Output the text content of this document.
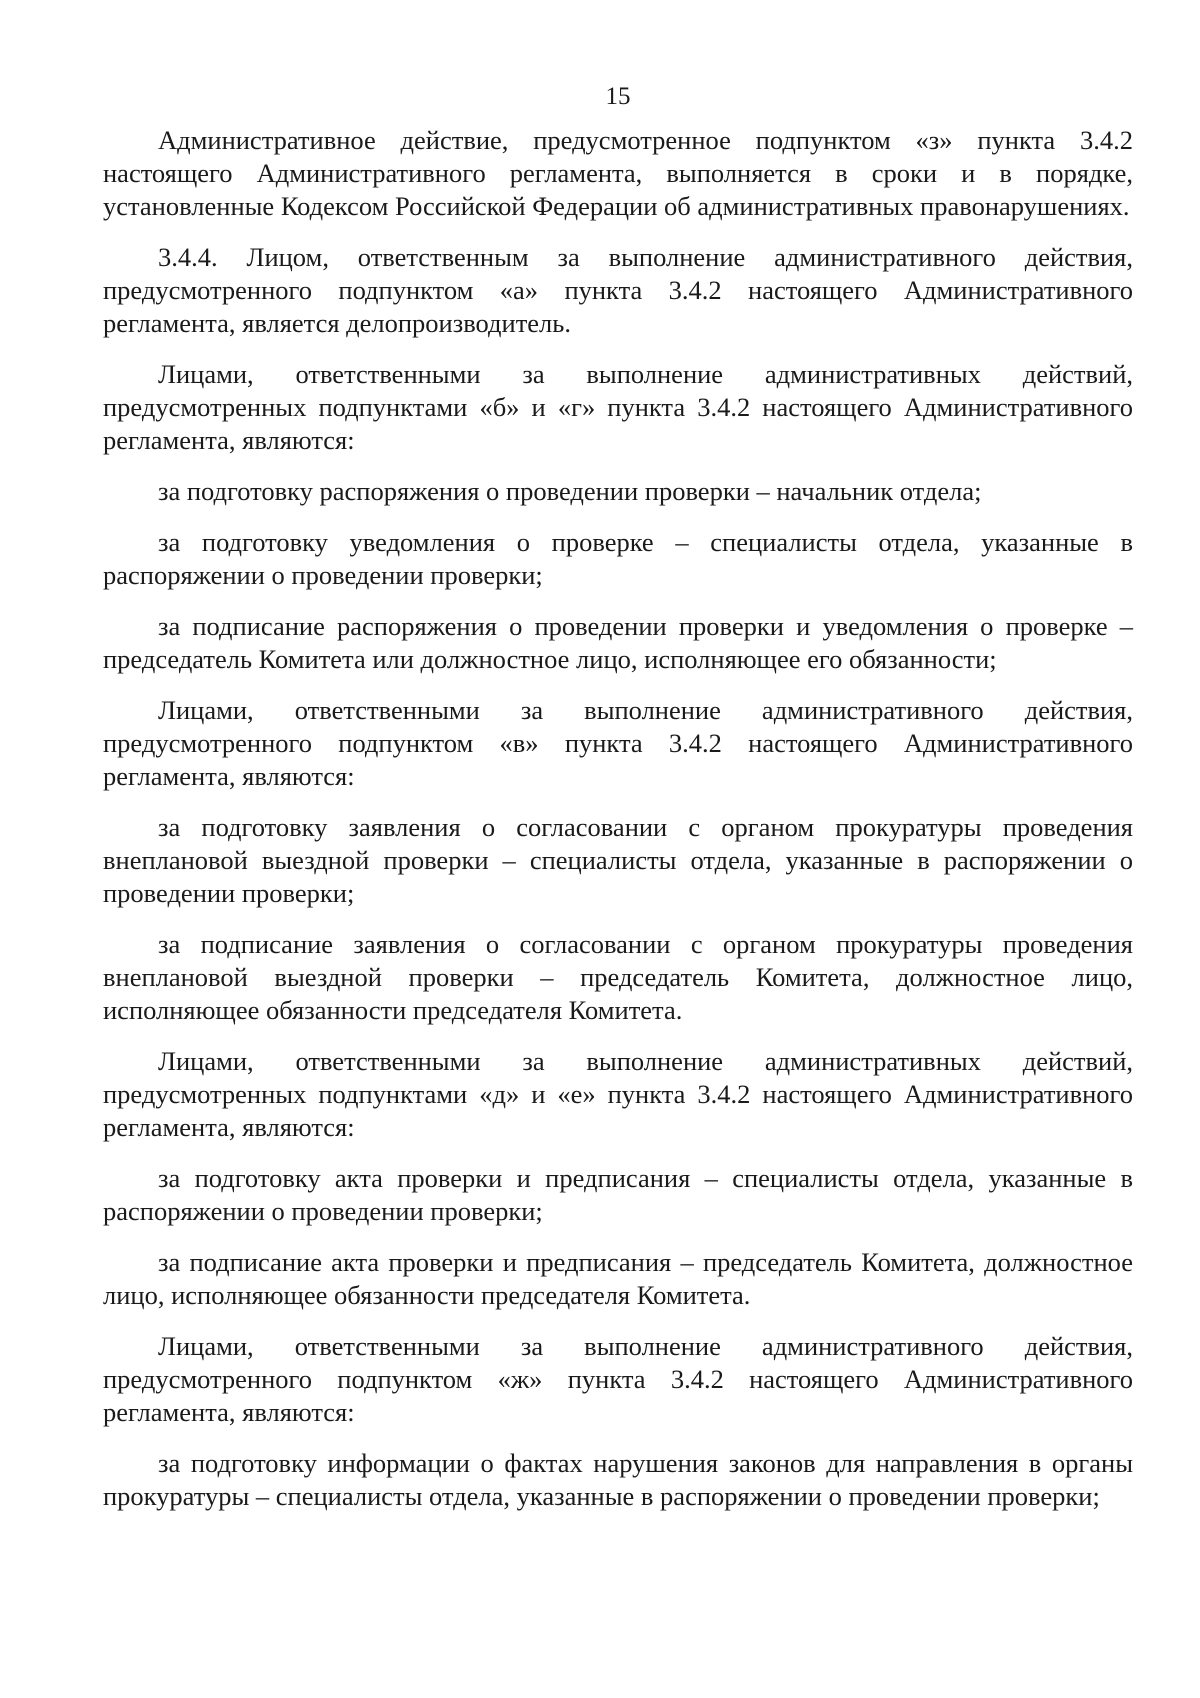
15

Административное действие, предусмотренное подпунктом «з» пункта 3.4.2 настоящего Административного регламента, выполняется в сроки и в порядке, установленные Кодексом Российской Федерации об административных правонарушениях.

3.4.4. Лицом, ответственным за выполнение административного действия, предусмотренного подпунктом «а» пункта 3.4.2 настоящего Административного регламента, является делопроизводитель.

Лицами, ответственными за выполнение административных действий, предусмотренных подпунктами «б» и «г» пункта 3.4.2 настоящего Административного регламента, являются:

за подготовку распоряжения о проведении проверки – начальник отдела;

за подготовку уведомления о проверке – специалисты отдела, указанные в распоряжении о проведении проверки;

за подписание распоряжения о проведении проверки и уведомления о проверке – председатель Комитета или должностное лицо, исполняющее его обязанности;

Лицами, ответственными за выполнение административного действия, предусмотренного подпунктом «в» пункта 3.4.2 настоящего Административного регламента, являются:

за подготовку заявления о согласовании с органом прокуратуры проведения внеплановой выездной проверки – специалисты отдела, указанные в распоряжении о проведении проверки;

за подписание заявления о согласовании с органом прокуратуры проведения внеплановой выездной проверки – председатель Комитета, должностное лицо, исполняющее обязанности председателя Комитета.

Лицами, ответственными за выполнение административных действий, предусмотренных подпунктами «д» и «е» пункта 3.4.2 настоящего Административного регламента, являются:

за подготовку акта проверки и предписания – специалисты отдела, указанные в распоряжении о проведении проверки;

за подписание акта проверки и предписания – председатель Комитета, должностное лицо, исполняющее обязанности председателя Комитета.

Лицами, ответственными за выполнение административного действия, предусмотренного подпунктом «ж» пункта 3.4.2 настоящего Административного регламента, являются:

за подготовку информации о фактах нарушения законов для направления в органы прокуратуры – специалисты отдела, указанные в распоряжении о проведении проверки;
